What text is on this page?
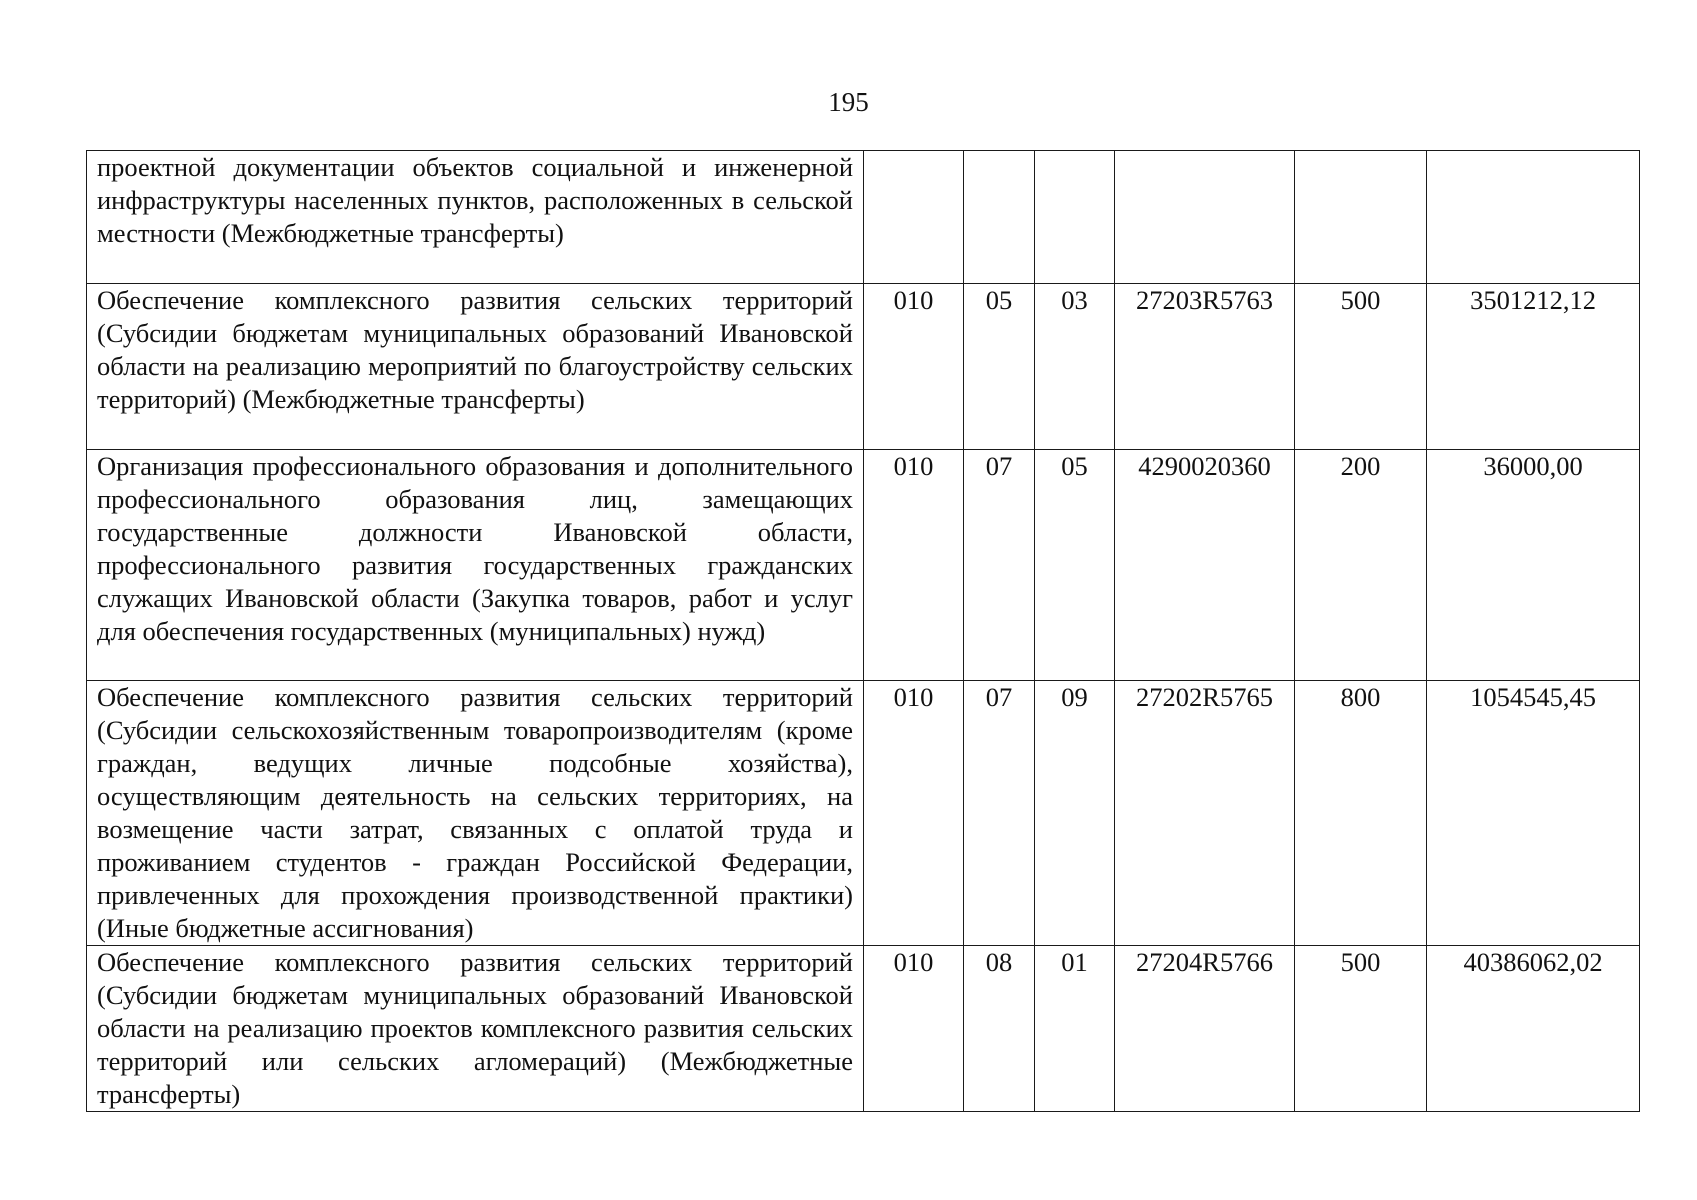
195
проектной документации объектов социальной и инженерной инфраструктуры населенных пунктов, расположенных в сельской местности (Межбюджетные трансферты)						
Обеспечение комплексного развития сельских территорий (Субсидии бюджетам муниципальных образований Ивановской области на реализацию мероприятий по благоустройству сельских территорий) (Межбюджетные трансферты)	010	05	03	27203R5763	500	3501212,12
Организация профессионального образования и дополнительного профессионального образования лиц, замещающих государственные должности Ивановской области, профессионального развития государственных гражданских служащих Ивановской области (Закупка товаров, работ и услуг для обеспечения государственных (муниципальных) нужд)	010	07	05	4290020360	200	36000,00
Обеспечение комплексного развития сельских территорий (Субсидии сельскохозяйственным товаропроизводителям (кроме граждан, ведущих личные подсобные хозяйства), осуществляющим деятельность на сельских территориях, на возмещение части затрат, связанных с оплатой труда и проживанием студентов - граждан Российской Федерации, привлеченных для прохождения производственной практики) (Иные бюджетные ассигнования)	010	07	09	27202R5765	800	1054545,45
Обеспечение комплексного развития сельских территорий (Субсидии бюджетам муниципальных образований Ивановской области на реализацию проектов комплексного развития сельских территорий или сельских агломераций) (Межбюджетные трансферты)	010	08	01	27204R5766	500	40386062,02
